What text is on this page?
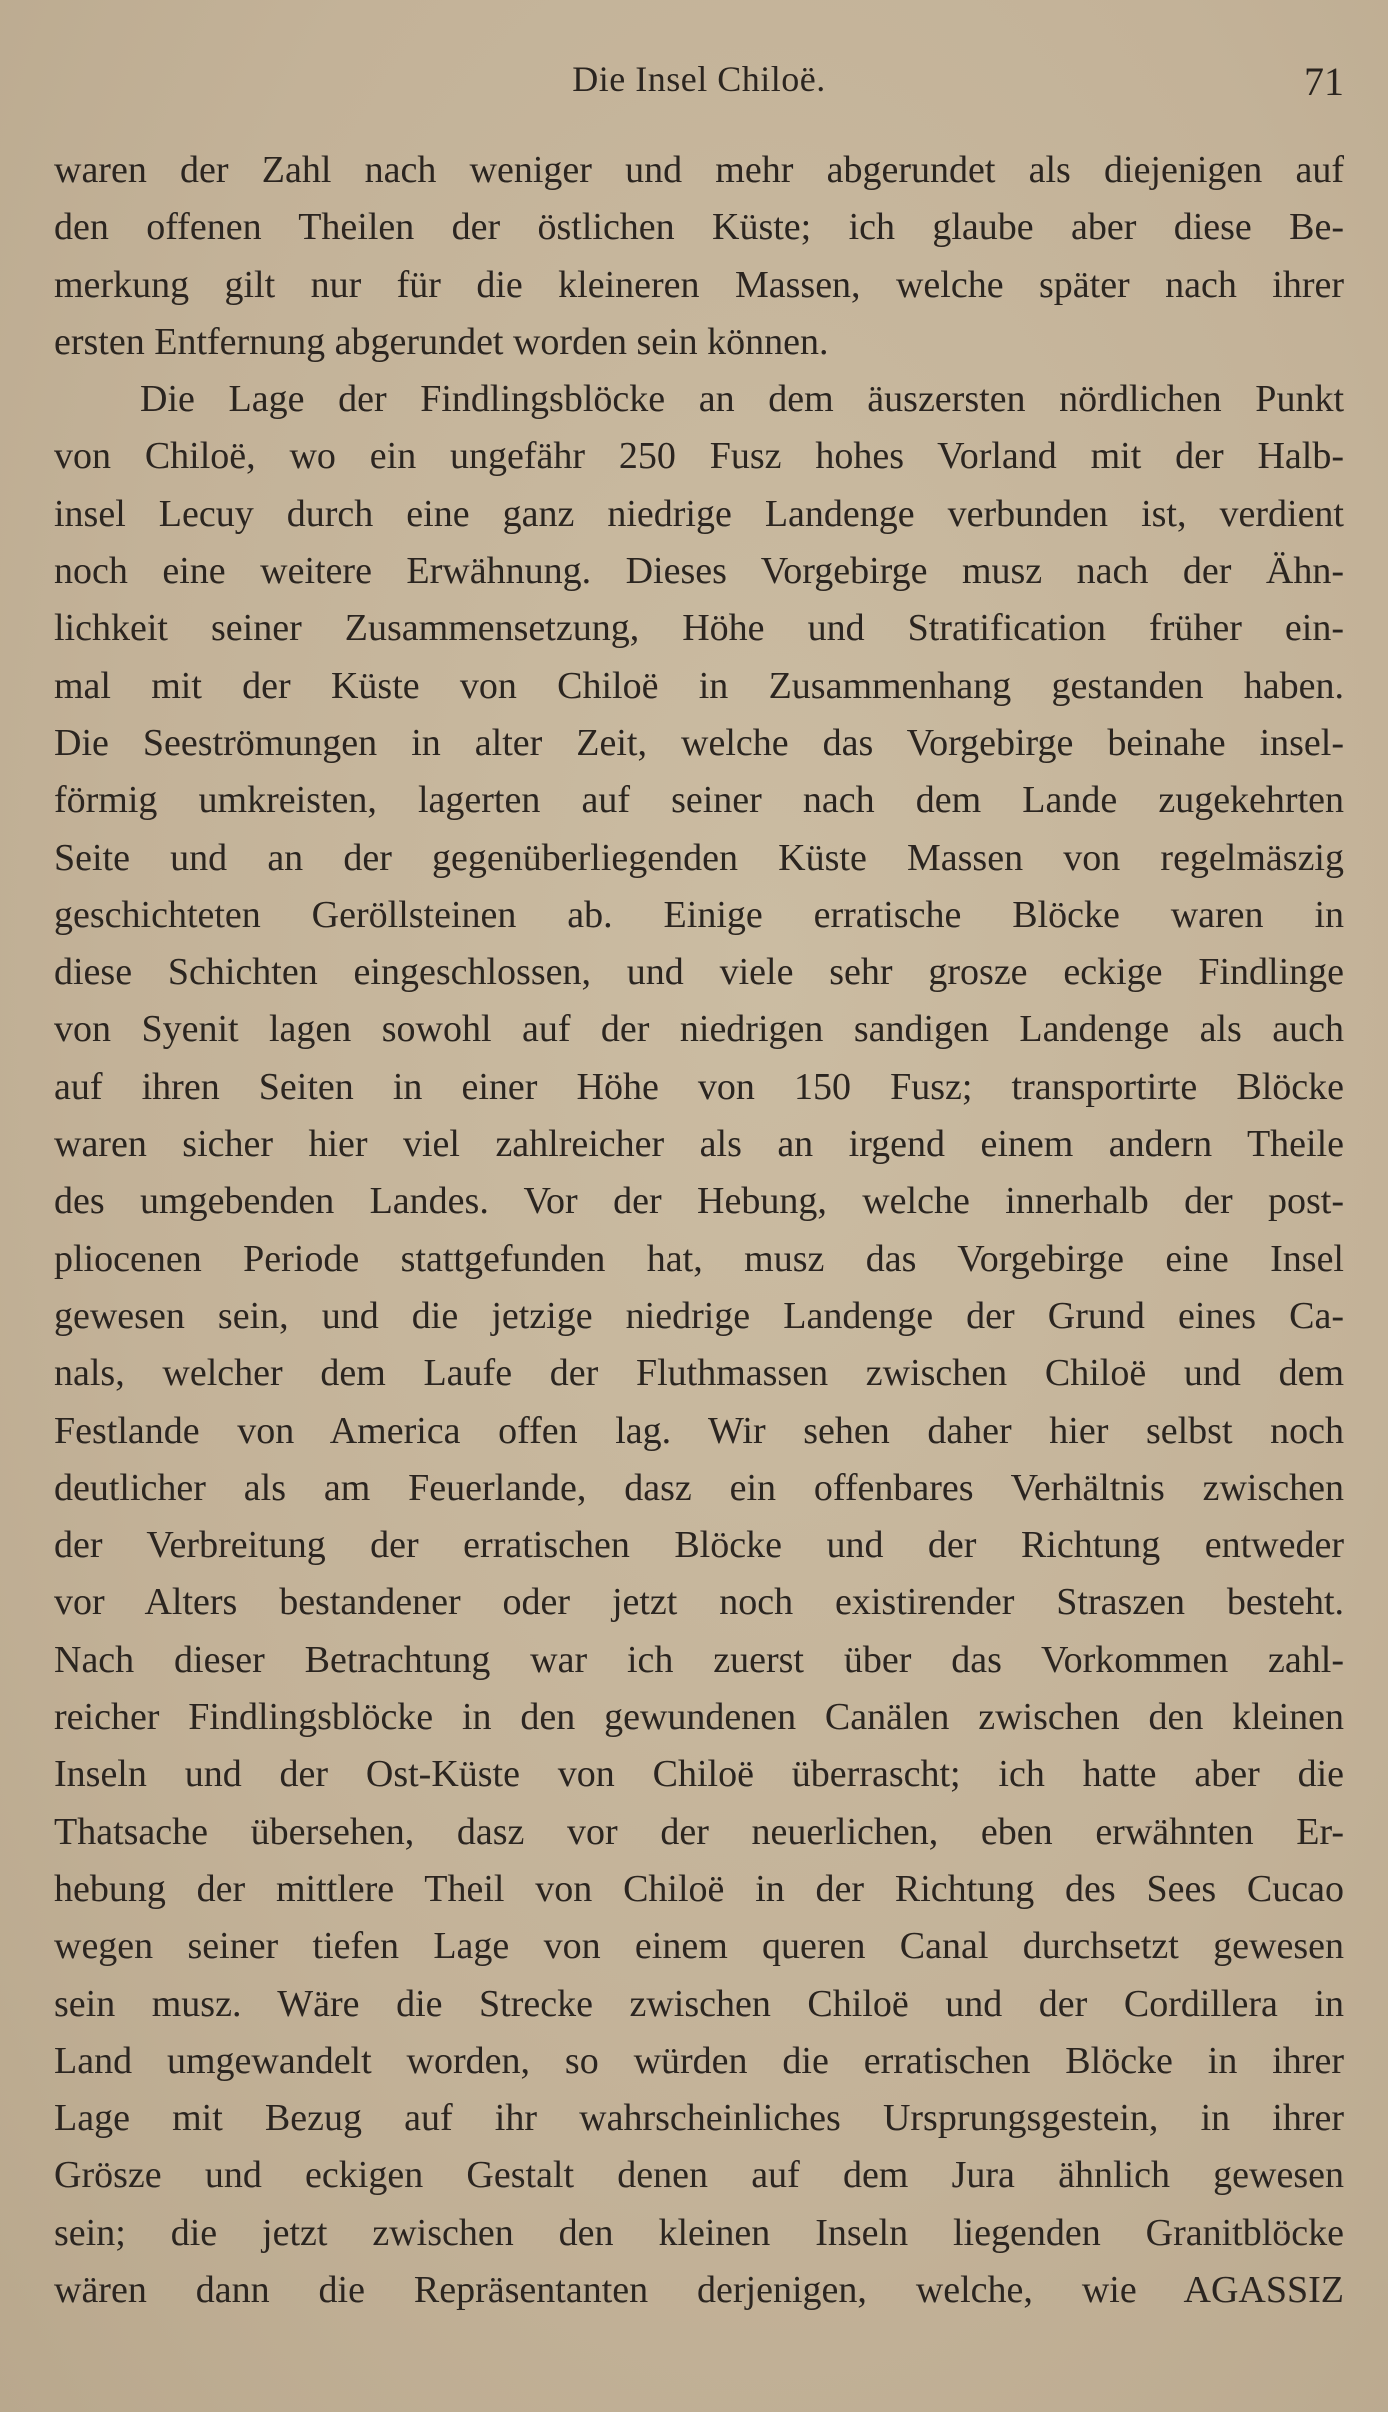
Die Insel Chiloë.	71
waren der Zahl nach weniger und mehr abgerundet als diejenigen auf
den offenen Theilen der östlichen Küste; ich glaube aber diese Be-
merkung gilt nur für die kleineren Massen, welche später nach ihrer
ersten Entfernung abgerundet worden sein können.
Die Lage der Findlingsblöcke an dem äuszersten nördlichen Punkt
von Chiloë, wo ein ungefähr 250 Fusz hohes Vorland mit der Halb-
insel Lecuy durch eine ganz niedrige Landenge verbunden ist, verdient
noch eine weitere Erwähnung. Dieses Vorgebirge musz nach der Ähn-
lichkeit seiner Zusammensetzung, Höhe und Stratification früher ein-
mal mit der Küste von Chiloë in Zusammenhang gestanden haben.
Die Seeströmungen in alter Zeit, welche das Vorgebirge beinahe insel-
förmig umkreisten, lagerten auf seiner nach dem Lande zugekehrten
Seite und an der gegenüberliegenden Küste Massen von regelmäszig
geschichteten Geröllsteinen ab. Einige erratische Blöcke waren in
diese Schichten eingeschlossen, und viele sehr grosze eckige Findlinge
von Syenit lagen sowohl auf der niedrigen sandigen Landenge als auch
auf ihren Seiten in einer Höhe von 150 Fusz; transportirte Blöcke
waren sicher hier viel zahlreicher als an irgend einem andern Theile
des umgebenden Landes. Vor der Hebung, welche innerhalb der post-
pliocenen Periode stattgefunden hat, musz das Vorgebirge eine Insel
gewesen sein, und die jetzige niedrige Landenge der Grund eines Ca-
nals, welcher dem Laufe der Fluthmassen zwischen Chiloë und dem
Festlande von America offen lag. Wir sehen daher hier selbst noch
deutlicher als am Feuerlande, dasz ein offenbares Verhältnis zwischen
der Verbreitung der erratischen Blöcke und der Richtung entweder
vor Alters bestandener oder jetzt noch existirender Straszen besteht.
Nach dieser Betrachtung war ich zuerst über das Vorkommen zahl-
reicher Findlingsblöcke in den gewundenen Canälen zwischen den kleinen
Inseln und der Ost-Küste von Chiloë überrascht; ich hatte aber die
Thatsache übersehen, dasz vor der neuerlichen, eben erwähnten Er-
hebung der mittlere Theil von Chiloë in der Richtung des Sees Cucao
wegen seiner tiefen Lage von einem queren Canal durchsetzt gewesen
sein musz. Wäre die Strecke zwischen Chiloë und der Cordillera in
Land umgewandelt worden, so würden die erratischen Blöcke in ihrer
Lage mit Bezug auf ihr wahrscheinliches Ursprungsgestein, in ihrer
Grösze und eckigen Gestalt denen auf dem Jura ähnlich gewesen
sein; die jetzt zwischen den kleinen Inseln liegenden Granitblöcke
wären dann die Repräsentanten derjenigen, welche, wie AGASSIZ
